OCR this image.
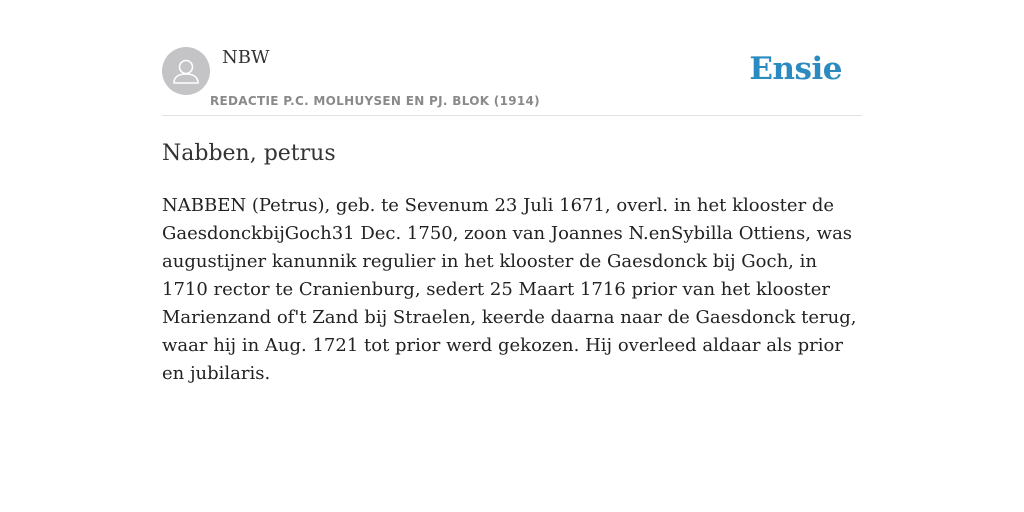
NBW
REDACTIE P.C. MOLHUYSEN EN PJ. BLOK (1914)
Ensie
Nabben, petrus

NABBEN (Petrus), geb. te Sevenum 23 Juli 1671, overl. in het klooster de GaesdonckbijGoch31 Dec. 1750, zoon van Joannes N.enSybilla Ottiens, was augustijner kanunnik regulier in het klooster de Gaesdonck bij Goch, in 1710 rector te Cranienburg, sedert 25 Maart 1716 prior van het klooster Marienzand of't Zand bij Straelen, keerde daarna naar de Gaesdonck terug, waar hij in Aug. 1721 tot prior werd gekozen. Hij overleed aldaar als prior en jubilaris.
